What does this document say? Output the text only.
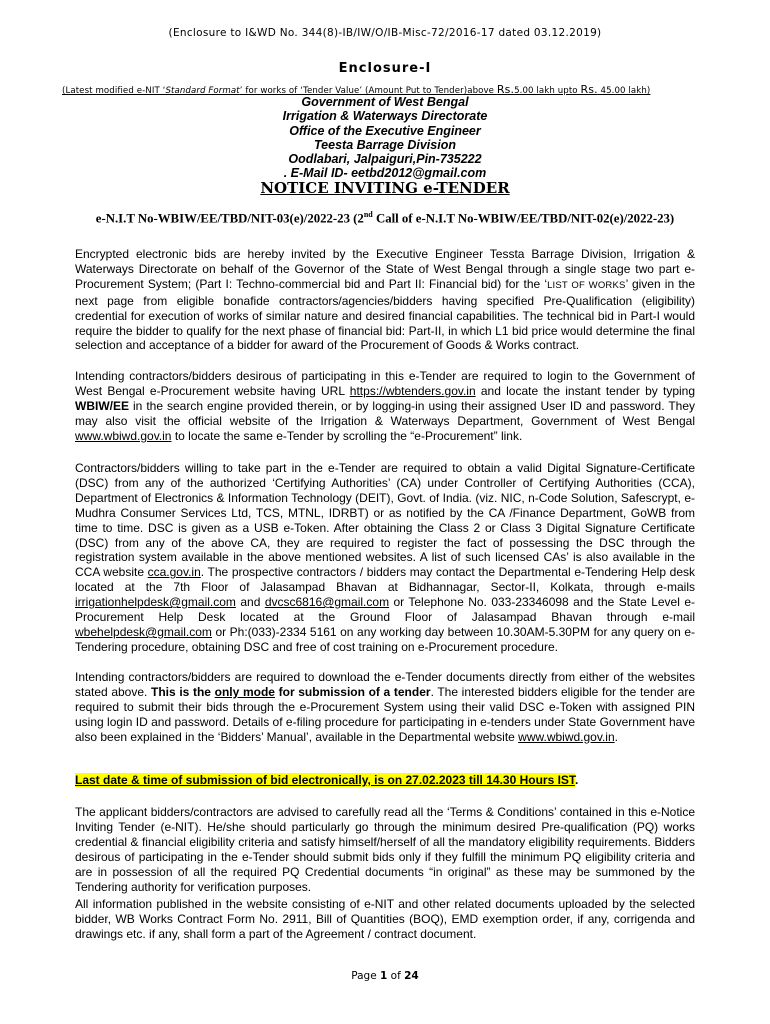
(Enclosure to I&WD No. 344(8)-IB/IW/O/IB-Misc-72/2016-17 dated 03.12.2019)
Enclosure-I
(Latest modified e-NIT ‘Standard Format’ for works of ‘Tender Value’ (Amount Put to Tender)above Rs.5.00 lakh upto Rs. 45.00 lakh)
Government of West Bengal
Irrigation & Waterways Directorate
Office of the Executive Engineer
Teesta Barrage Division
Oodlabari, Jalpaiguri,Pin-735222
. E-Mail ID- eetbd2012@gmail.com
NOTICE INVITING e-TENDER
e-N.I.T No-WBIW/EE/TBD/NIT-03(e)/2022-23 (2nd Call of e-N.I.T No-WBIW/EE/TBD/NIT-02(e)/2022-23)
Encrypted electronic bids are hereby invited by the Executive Engineer Tessta Barrage Division, Irrigation & Waterways Directorate on behalf of the Governor of the State of West Bengal through a single stage two part e-Procurement System; (Part I: Techno-commercial bid and Part II: Financial bid) for the ‘LIST OF WORKS’ given in the next page from eligible bonafide contractors/agencies/bidders having specified Pre-Qualification (eligibility) credential for execution of works of similar nature and desired financial capabilities. The technical bid in Part-I would require the bidder to qualify for the next phase of financial bid: Part-II, in which L1 bid price would determine the final selection and acceptance of a bidder for award of the Procurement of Goods & Works contract.
Intending contractors/bidders desirous of participating in this e-Tender are required to login to the Government of West Bengal e-Procurement website having URL https://wbtenders.gov.in and locate the instant tender by typing WBIW/EE in the search engine provided therein, or by logging-in using their assigned User ID and password. They may also visit the official website of the Irrigation & Waterways Department, Government of West Bengal www.wbiwd.gov.in to locate the same e-Tender by scrolling the “e-Procurement” link.
Contractors/bidders willing to take part in the e-Tender are required to obtain a valid Digital Signature-Certificate (DSC) from any of the authorized ‘Certifying Authorities’ (CA) under Controller of Certifying Authorities (CCA), Department of Electronics & Information Technology (DEIT), Govt. of India. (viz. NIC, n-Code Solution, Safescrypt, e-Mudhra Consumer Services Ltd, TCS, MTNL, IDRBT) or as notified by the CA /Finance Department, GoWB from time to time. DSC is given as a USB e-Token. After obtaining the Class 2 or Class 3 Digital Signature Certificate (DSC) from any of the above CA, they are required to register the fact of possessing the DSC through the registration system available in the above mentioned websites. A list of such licensed CAs’ is also available in the CCA website cca.gov.in. The prospective contractors / bidders may contact the Departmental e-Tendering Help desk located at the 7th Floor of Jalasampad Bhavan at Bidhannagar, Sector-II, Kolkata, through e-mails irrigationhelpdesk@gmail.com and dvcsc6816@gmail.com or Telephone No. 033-23346098 and the State Level e-Procurement Help Desk located at the Ground Floor of Jalasampad Bhavan through e-mail wbehelpdesk@gmail.com or Ph:(033)-2334 5161 on any working day between 10.30AM-5.30PM for any query on e-Tendering procedure, obtaining DSC and free of cost training on e-Procurement procedure.
Intending contractors/bidders are required to download the e-Tender documents directly from either of the websites stated above. This is the only mode for submission of a tender. The interested bidders eligible for the tender are required to submit their bids through the e-Procurement System using their valid DSC e-Token with assigned PIN using login ID and password. Details of e-filing procedure for participating in e-tenders under State Government have also been explained in the ‘Bidders’ Manual’, available in the Departmental website www.wbiwd.gov.in.
Last date & time of submission of bid electronically, is on 27.02.2023 till 14.30 Hours IST.
The applicant bidders/contractors are advised to carefully read all the ‘Terms & Conditions’ contained in this e-Notice Inviting Tender (e-NIT). He/she should particularly go through the minimum desired Pre-qualification (PQ) works credential & financial eligibility criteria and satisfy himself/herself of all the mandatory eligibility requirements. Bidders desirous of participating in the e-Tender should submit bids only if they fulfill the minimum PQ eligibility criteria and are in possession of all the required PQ Credential documents “in original” as these may be summoned by the Tendering authority for verification purposes.
All information published in the website consisting of e-NIT and other related documents uploaded by the selected bidder, WB Works Contract Form No. 2911, Bill of Quantities (BOQ), EMD exemption order, if any, corrigenda and drawings etc. if any, shall form a part of the Agreement / contract document.
Page 1 of 24
